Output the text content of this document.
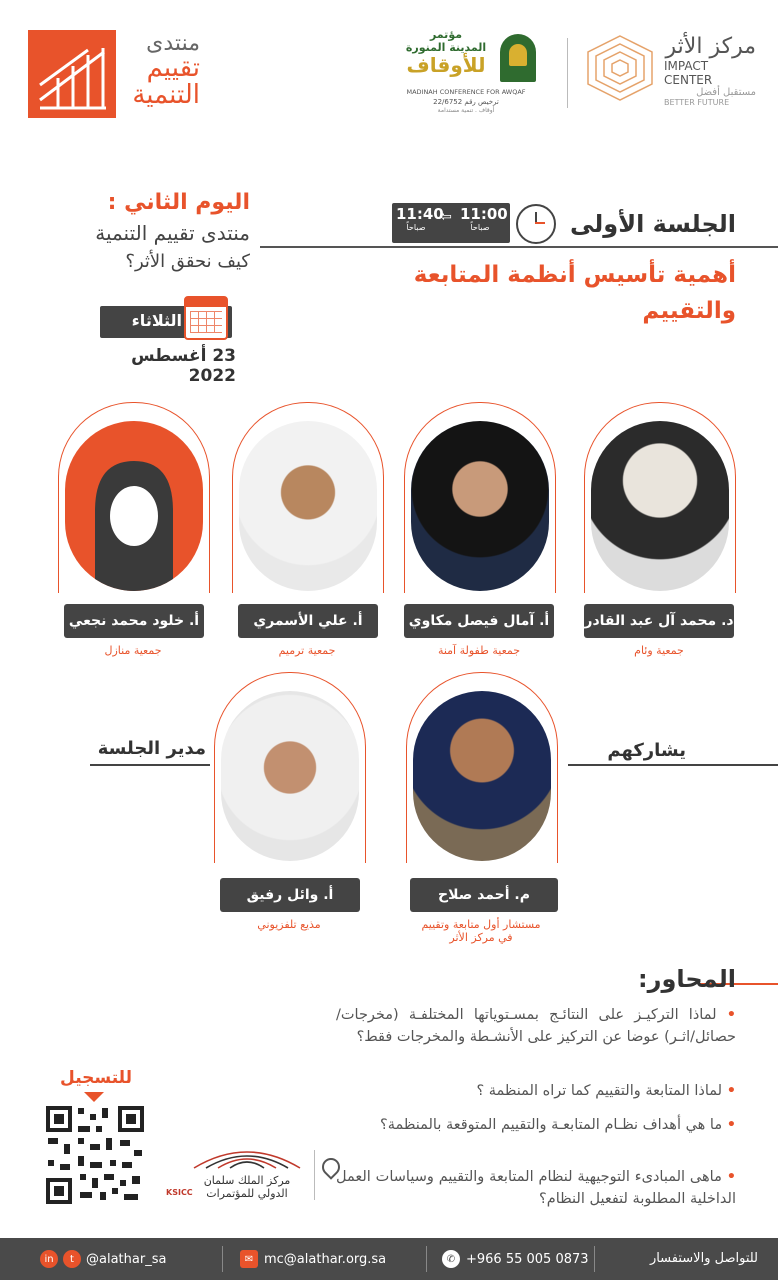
منتدى
تقييم
التنمية
مؤتمر
المدينة المنورة
للأوقاف
MADINAH CONFERENCE FOR AWQAF
ترخيص رقم 22/6752
أوقاف . تنمية مستدامة
مركز الأثر
IMPACT CENTER
مستقبل أفضل
BETTER FUTURE
اليوم الثاني :
منتدى تقييم التنمية
كيف نحقق الأثر؟
الثلاثاء
23 أغسطس 2022
الجلسة الأولى
11:00
صباحاً
⇦
11:40
صباحاً
أهمية تأسيس أنظمة المتابعة
والتقييم
د. محمد آل عبد القادر
جمعية وئام
أ. آمال فيصل مكاوي
جمعية طفولة آمنة
أ. علي الأسمري
جمعية ترميم
أ. خلود محمد نجعي
جمعية منازل
يشاركهم
مدير الجلسة
م. أحمد صلاح
مستشار أول متابعة وتقييم
في مركز الأثر
أ. وائل رفيق
مذيع تلفزيوني
المحاور:
• لماذا التركيـز على النتائـج بمسـتوياتها المختلفـة (مخرجات/حصائل/اثـر) عوضا عن التركيز على الأنشـطة والمخرجات فقط؟
• لماذا المتابعة والتقييم كما تراه المنظمة ؟
• ما هي أهداف نظـام المتابعـة والتقييم المتوقعة بالمنظمة؟
• ماهى المبادىء التوجيهية لنظام المتابعة والتقييم وسياسات العمل الداخلية المطلوبة لتفعيل النظام؟
للتسجيل
مركز الملك سلمان
الدولي للمؤتمرات
KSICC
للتواصل والاستفسار
✆ +966 55 005 0873
✉ mc@alathar.org.sa
in	t @alathar_sa
